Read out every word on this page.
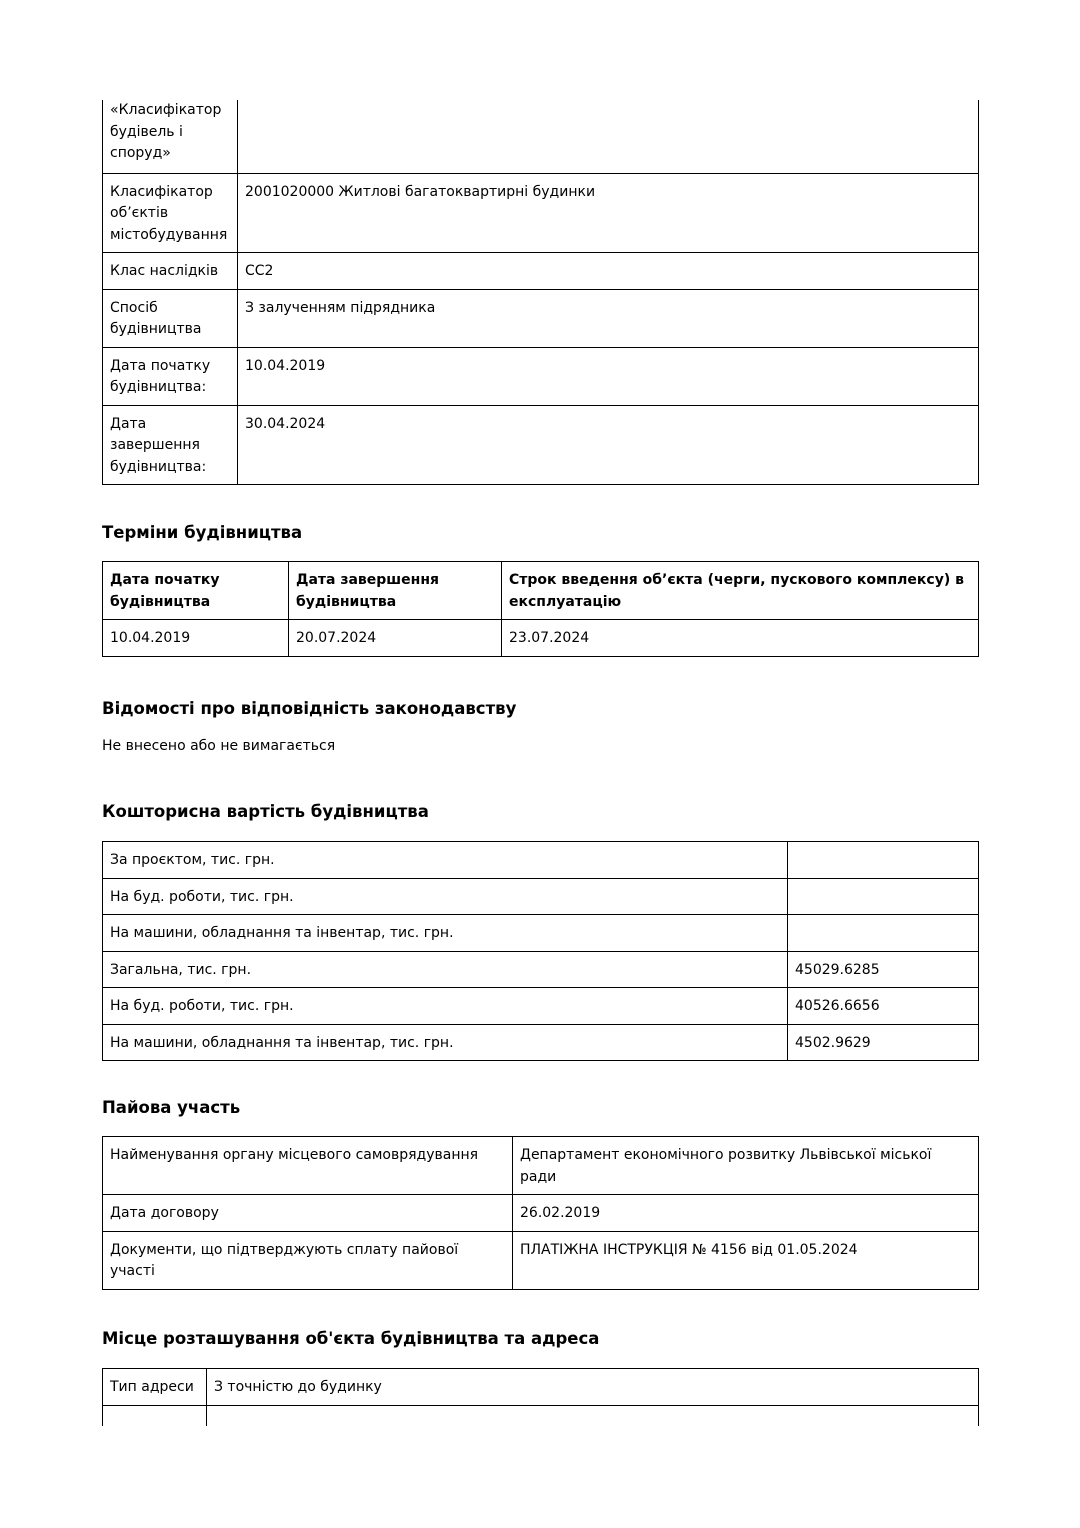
«Класифікатор будівель і споруд»	
Класифікатор об’єктів містобудування	2001020000 Житлові багатоквартирні будинки
Клас наслідків	СС2
Спосіб будівництва	З залученням підрядника
Дата початку будівництва:	10.04.2019
Дата завершення будівництва:	30.04.2024
Терміни будівництва
Дата початку будівництва	Дата завершення будівництва	Строк введення об’єкта (черги, пускового комплексу) в експлуатацію
10.04.2019	20.07.2024	23.07.2024
Відомості про відповідність законодавству
Не внесено або не вимагається
Кошторисна вартість будівництва
За проєктом, тис. грн.	
На буд. роботи, тис. грн.	
На машини, обладнання та інвентар, тис. грн.	
Загальна, тис. грн.	45029.6285
На буд. роботи, тис. грн.	40526.6656
На машини, обладнання та інвентар, тис. грн.	4502.9629
Пайова участь
Найменування органу місцевого самоврядування	Департамент економічного розвитку Львівської міської ради
Дата договору	26.02.2019
Документи, що підтверджують сплату пайової участі	ПЛАТІЖНА ІНСТРУКЦІЯ № 4156 від 01.05.2024
Місце розташування об'єкта будівництва та адреса
Тип адреси	З точністю до будинку
